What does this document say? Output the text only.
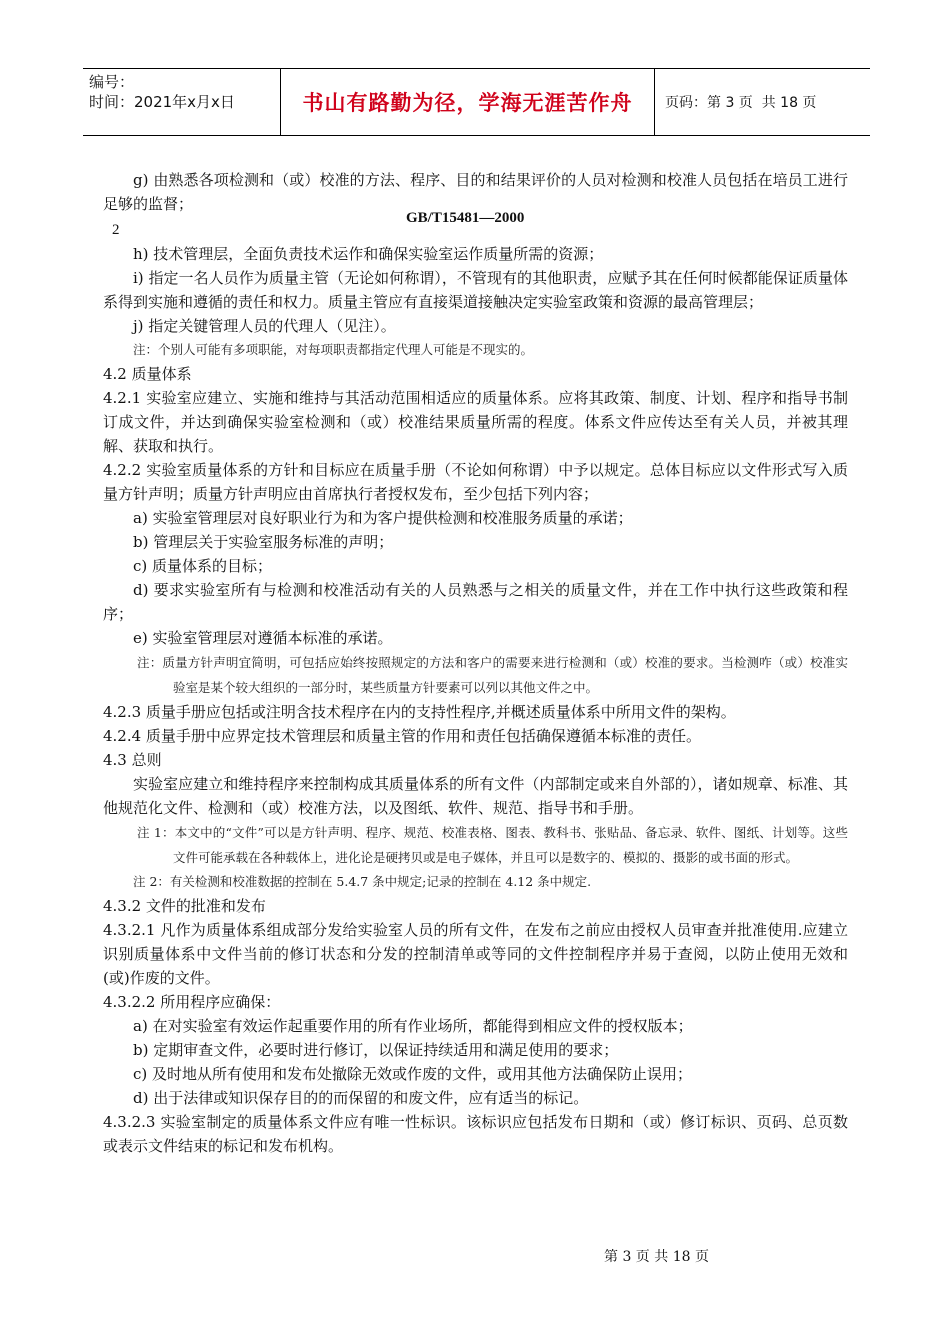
编号：
时间：2021年x月x日	书山有路勤为径，学海无涯苦作舟	页码：第 3 页  共 18 页

g) 由熟悉各项检测和（或）校准的方法、程序、目的和结果评价的人员对检测和校准人员包括在培员工进行足够的监督；

h) 技术管理层，全面负责技术运作和确保实验室运作质量所需的资源；

i) 指定一名人员作为质量主管（无论如何称谓），不管现有的其他职责，应赋予其在任何时候都能保证质量体系得到实施和遵循的责任和权力。质量主管应有直接渠道接触决定实验室政策和资源的最高管理层；

j) 指定关键管理人员的代理人（见注）。

注：个别人可能有多项职能，对每项职责都指定代理人可能是不现实的。

4.2 质量体系

4.2.1 实验室应建立、实施和维持与其活动范围相适应的质量体系。应将其政策、制度、计划、程序和指导书制订成文件，并达到确保实验室检测和（或）校准结果质量所需的程度。体系文件应传达至有关人员，并被其理解、获取和执行。

4.2.2 实验室质量体系的方针和目标应在质量手册（不论如何称谓）中予以规定。总体目标应以文件形式写入质量方针声明；质量方针声明应由首席执行者授权发布，至少包括下列内容；

a) 实验室管理层对良好职业行为和为客户提供检测和校准服务质量的承诺；

b) 管理层关于实验室服务标准的声明；

c) 质量体系的目标；

d) 要求实验室所有与检测和校准活动有关的人员熟悉与之相关的质量文件，并在工作中执行这些政策和程序；

e) 实验室管理层对遵循本标准的承诺。

注：质量方针声明宜简明，可包括应始终按照规定的方法和客户的需要来进行检测和（或）校准的要求。当检测咋（或）校准实验室是某个较大组织的一部分时，某些质量方针要素可以列以其他文件之中。

4.2.3 质量手册应包括或注明含技术程序在内的支持性程序,并概述质量体系中所用文件的架构。

4.2.4 质量手册中应界定技术管理层和质量主管的作用和责任包括确保遵循本标准的责任。

4.3 总则

实验室应建立和维持程序来控制构成其质量体系的所有文件（内部制定或来自外部的），诸如规章、标准、其他规范化文件、检测和（或）校准方法，以及图纸、软件、规范、指导书和手册。

注 1：本文中的“文件”可以是方针声明、程序、规范、校准表格、图表、教科书、张贴品、备忘录、软件、图纸、计划等。这些文件可能承载在各种载体上，进化论是硬拷贝或是电子媒体，并且可以是数字的、模拟的、摄影的或书面的形式。

注 2：有关检测和校准数据的控制在 5.4.7 条中规定;记录的控制在 4.12 条中规定.

4.3.2 文件的批准和发布

4.3.2.1 凡作为质量体系组成部分发给实验室人员的所有文件，在发布之前应由授权人员审查并批准使用.应建立识别质量体系中文件当前的修订状态和分发的控制清单或等同的文件控制程序并易于查阅，以防止使用无效和(或)作废的文件。

4.3.2.2 所用程序应确保：

a) 在对实验室有效运作起重要作用的所有作业场所，都能得到相应文件的授权版本；

b) 定期审查文件，必要时进行修订，以保证持续适用和满足使用的要求；

c) 及时地从所有使用和发布处撤除无效或作废的文件，或用其他方法确保防止误用；

d) 出于法律或知识保存目的的而保留的和废文件，应有适当的标记。

4.3.2.3 实验室制定的质量体系文件应有唯一性标识。该标识应包括发布日期和（或）修订标识、页码、总页数或表示文件结束的标记和发布机构。

GB/T15481—2000
2
第 3 页 共 18 页
